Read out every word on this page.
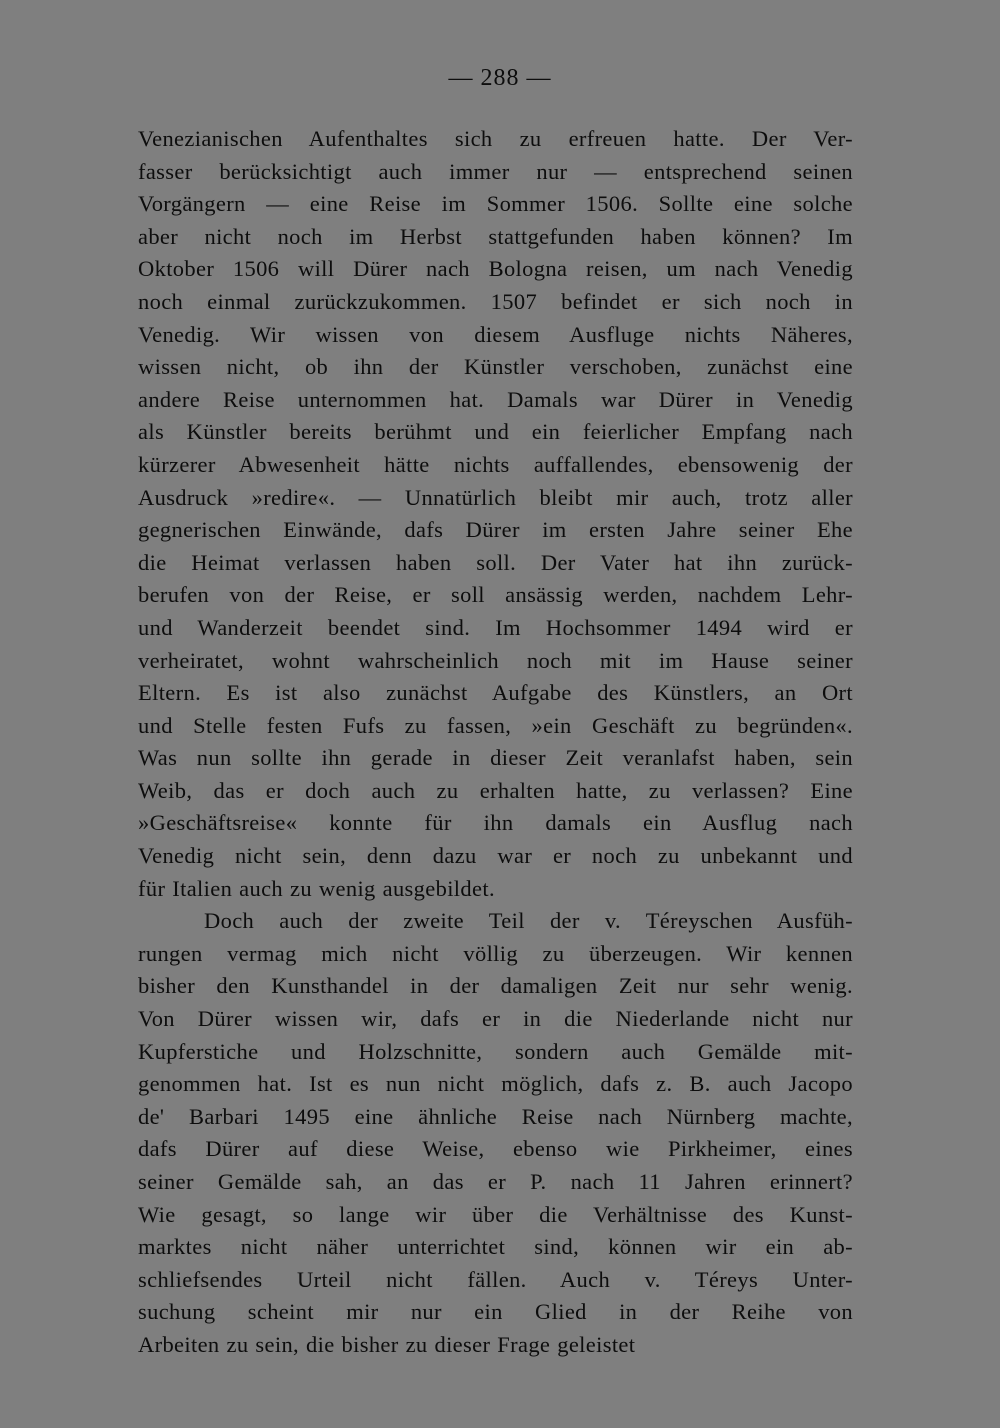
— 288 —
Venezianischen Aufenthaltes sich zu erfreuen hatte. Der Ver-
fasser berücksichtigt auch immer nur — entsprechend seinen
Vorgängern — eine Reise im Sommer 1506. Sollte eine solche
aber nicht noch im Herbst stattgefunden haben können? Im
Oktober 1506 will Dürer nach Bologna reisen, um nach Venedig
noch einmal zurückzukommen. 1507 befindet er sich noch in
Venedig. Wir wissen von diesem Ausfluge nichts Näheres,
wissen nicht, ob ihn der Künstler verschoben, zunächst eine
andere Reise unternommen hat. Damals war Dürer in Venedig
als Künstler bereits berühmt und ein feierlicher Empfang nach
kürzerer Abwesenheit hätte nichts auffallendes, ebensowenig der
Ausdruck »redire«. — Unnatürlich bleibt mir auch, trotz aller
gegnerischen Einwände, dafs Dürer im ersten Jahre seiner Ehe
die Heimat verlassen haben soll. Der Vater hat ihn zurück-
berufen von der Reise, er soll ansässig werden, nachdem Lehr-
und Wanderzeit beendet sind. Im Hochsommer 1494 wird er
verheiratet, wohnt wahrscheinlich noch mit im Hause seiner
Eltern. Es ist also zunächst Aufgabe des Künstlers, an Ort
und Stelle festen Fufs zu fassen, »ein Geschäft zu begründen«.
Was nun sollte ihn gerade in dieser Zeit veranlafst haben, sein
Weib, das er doch auch zu erhalten hatte, zu verlassen? Eine
»Geschäftsreise« konnte für ihn damals ein Ausflug nach
Venedig nicht sein, denn dazu war er noch zu unbekannt und
für Italien auch zu wenig ausgebildet.
Doch auch der zweite Teil der v. Téreyschen Ausfüh-
rungen vermag mich nicht völlig zu überzeugen. Wir kennen
bisher den Kunsthandel in der damaligen Zeit nur sehr wenig.
Von Dürer wissen wir, dafs er in die Niederlande nicht nur
Kupferstiche und Holzschnitte, sondern auch Gemälde mit-
genommen hat. Ist es nun nicht möglich, dafs z. B. auch Jacopo
de' Barbari 1495 eine ähnliche Reise nach Nürnberg machte,
dafs Dürer auf diese Weise, ebenso wie Pirkheimer, eines
seiner Gemälde sah, an das er P. nach 11 Jahren erinnert?
Wie gesagt, so lange wir über die Verhältnisse des Kunst-
marktes nicht näher unterrichtet sind, können wir ein ab-
schliefsendes Urteil nicht fällen. Auch v. Téreys Unter-
suchung scheint mir nur ein Glied in der Reihe von
Arbeiten zu sein, die bisher zu dieser Frage geleistet
